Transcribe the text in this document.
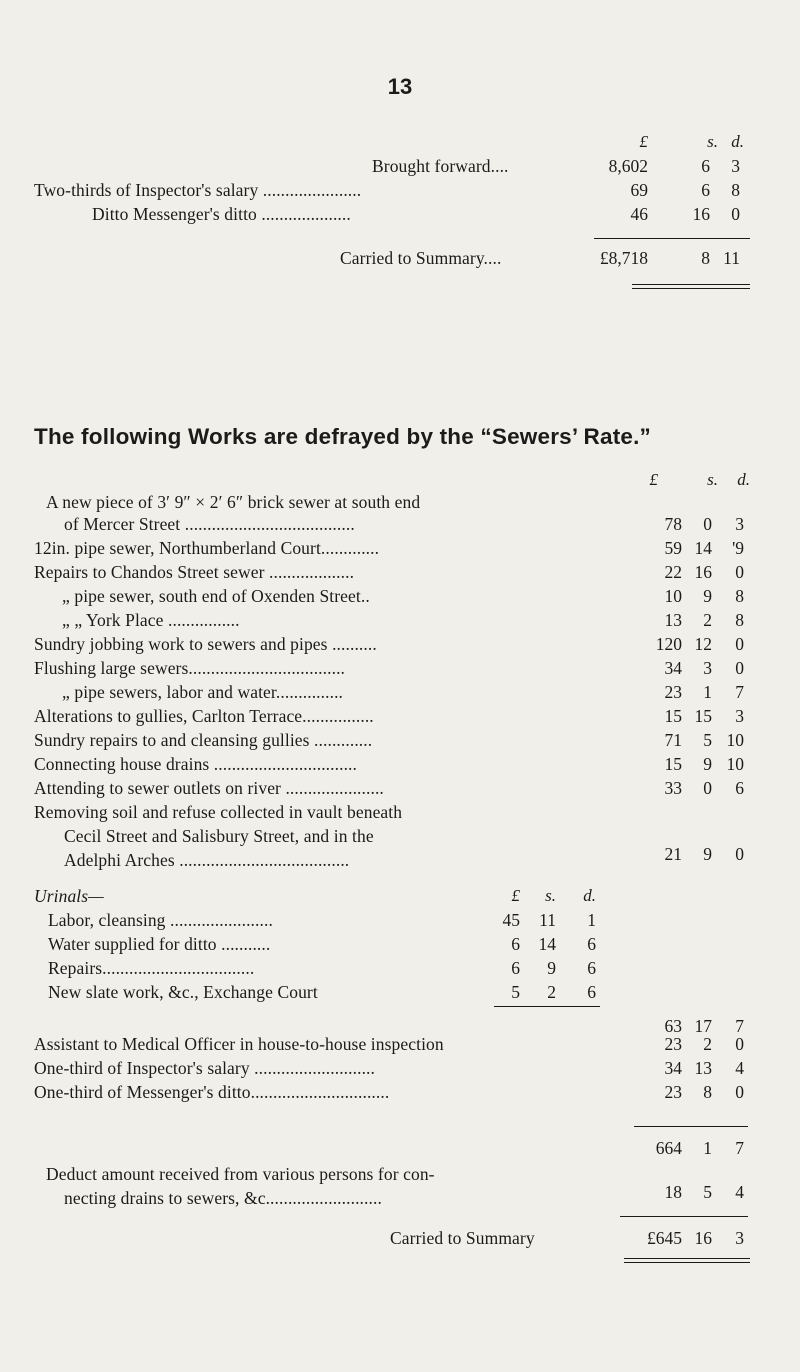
13
£	s. d.
Brought forward....	8,602	6	3
Two-thirds of Inspector's salary ......................	69	6	8
Ditto Messenger's ditto ....................	46	16	0
Carried to Summary....	£8,718	8 11
The following Works are defrayed by the “Sewers’ Rate.”
£	s.	d.
A new piece of 3′ 9″ × 2′ 6″ brick sewer at south end
of Mercer Street ......................................	78	0	3
12in. pipe sewer, Northumberland Court.............	59 14	'9
Repairs to Chandos Street sewer ...................	22 16	0
„ pipe sewer, south end of Oxenden Street..	10	9	8
„ „ York Place ................	13	2	8
Sundry jobbing work to sewers and pipes ..........	120 12	0
Flushing large sewers...................................	34	3	0
„ pipe sewers, labor and water...............	23	1	7
Alterations to gullies, Carlton Terrace................	15 15	3
Sundry repairs to and cleansing gullies .............	71	5 10
Connecting house drains ................................	15	9 10
Attending to sewer outlets on river ......................	33	0	6
Removing soil and refuse collected in vault beneath
Cecil Street and Salisbury Street, and in the
Adelphi Arches ......................................	21	9	0
Urinals—	£	s.	d.
Labor, cleansing .......................	45	11	1
Water supplied for ditto ...........	6	14	6
Repairs..................................	6	9	6
New slate work, &c., Exchange Court	5	2	6
63 17	7
Assistant to Medical Officer in house-to-house inspection	23	2	0
One-third of Inspector's salary ...........................	34 13	4
One-third of Messenger's ditto...............................	23	8	0
664	1	7
Deduct amount received from various persons for con-
necting drains to sewers, &c..........................	18	5	4
Carried to Summary	£645 16	3
